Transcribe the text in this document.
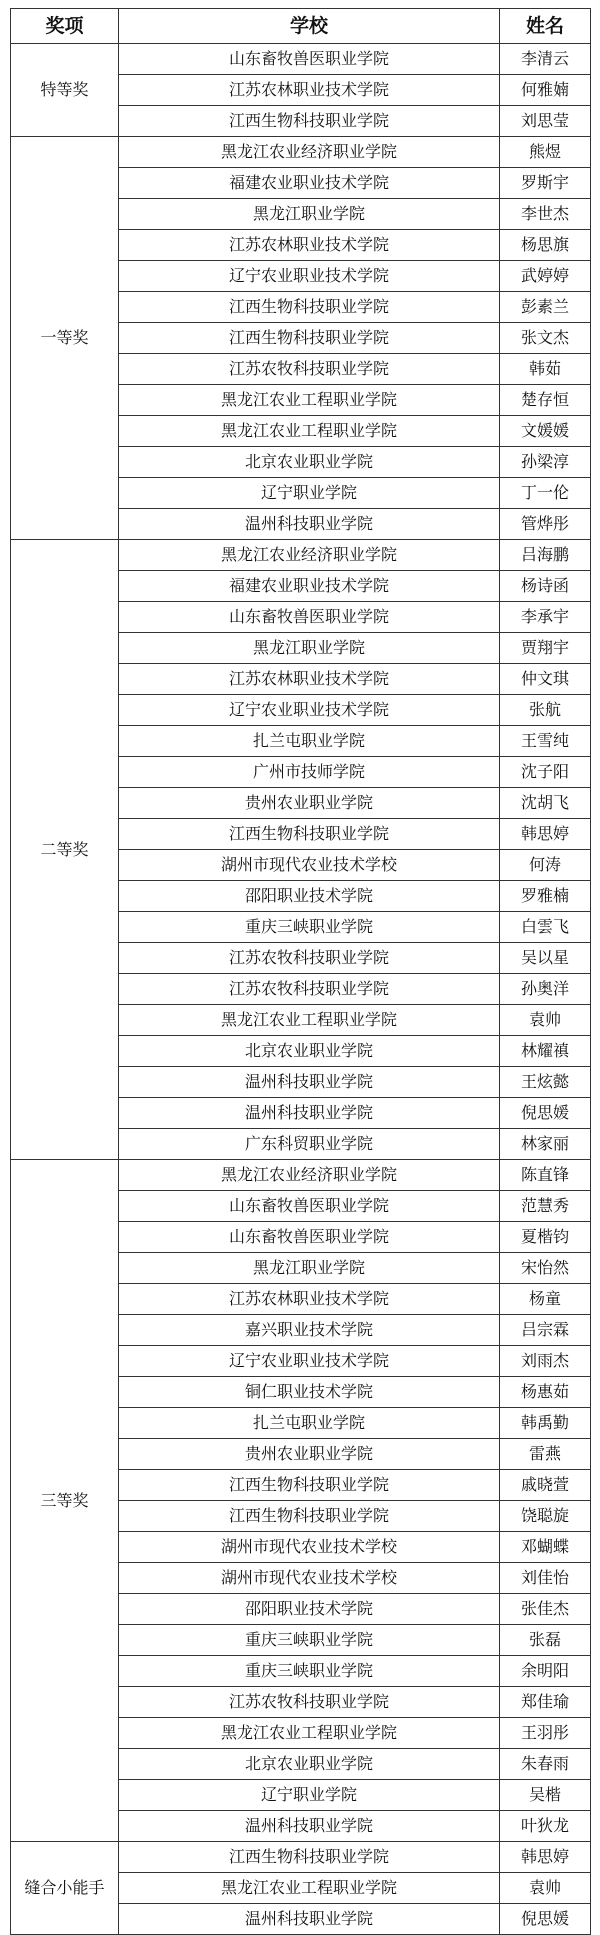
奖项	学校	姓名
特等奖	山东畜牧兽医职业学院	李清云
	江苏农林职业技术学院	何雅婻
	江西生物科技职业学院	刘思莹
一等奖	黑龙江农业经济职业学院	熊煜
	福建农业职业技术学院	罗斯宇
	黑龙江职业学院	李世杰
	江苏农林职业技术学院	杨思旗
	辽宁农业职业技术学院	武婷婷
	江西生物科技职业学院	彭素兰
	江西生物科技职业学院	张文杰
	江苏农牧科技职业学院	韩茹
	黑龙江农业工程职业学院	楚存恒
	黑龙江农业工程职业学院	文媛媛
	北京农业职业学院	孙梁淳
	辽宁职业学院	丁一伦
	温州科技职业学院	管烨彤
二等奖	黑龙江农业经济职业学院	吕海鹏
	福建农业职业技术学院	杨诗函
	山东畜牧兽医职业学院	李承宇
	黑龙江职业学院	贾翔宇
	江苏农林职业技术学院	仲文琪
	辽宁农业职业技术学院	张航
	扎兰屯职业学院	王雪纯
	广州市技师学院	沈子阳
	贵州农业职业学院	沈胡飞
	江西生物科技职业学院	韩思婷
	湖州市现代农业技术学校	何涛
	邵阳职业技术学院	罗雅楠
	重庆三峡职业学院	白雲飞
	江苏农牧科技职业学院	吴以星
	江苏农牧科技职业学院	孙奥洋
	黑龙江农业工程职业学院	袁帅
	北京农业职业学院	林耀禛
	温州科技职业学院	王炫懿
	温州科技职业学院	倪思媛
	广东科贸职业学院	林家丽
三等奖	黑龙江农业经济职业学院	陈直锋
	山东畜牧兽医职业学院	范慧秀
	山东畜牧兽医职业学院	夏楷钧
	黑龙江职业学院	宋怡然
	江苏农林职业技术学院	杨童
	嘉兴职业技术学院	吕宗霖
	辽宁农业职业技术学院	刘雨杰
	铜仁职业技术学院	杨惠茹
	扎兰屯职业学院	韩禹勤
	贵州农业职业学院	雷燕
	江西生物科技职业学院	戚晓萱
	江西生物科技职业学院	饶聪旋
	湖州市现代农业技术学校	邓蝴蝶
	湖州市现代农业技术学校	刘佳怡
	邵阳职业技术学院	张佳杰
	重庆三峡职业学院	张磊
	重庆三峡职业学院	余明阳
	江苏农牧科技职业学院	郑佳瑜
	黑龙江农业工程职业学院	王羽彤
	北京农业职业学院	朱春雨
	辽宁职业学院	吴楷
	温州科技职业学院	叶狄龙
缝合小能手	江西生物科技职业学院	韩思婷
	黑龙江农业工程职业学院	袁帅
	温州科技职业学院	倪思媛
